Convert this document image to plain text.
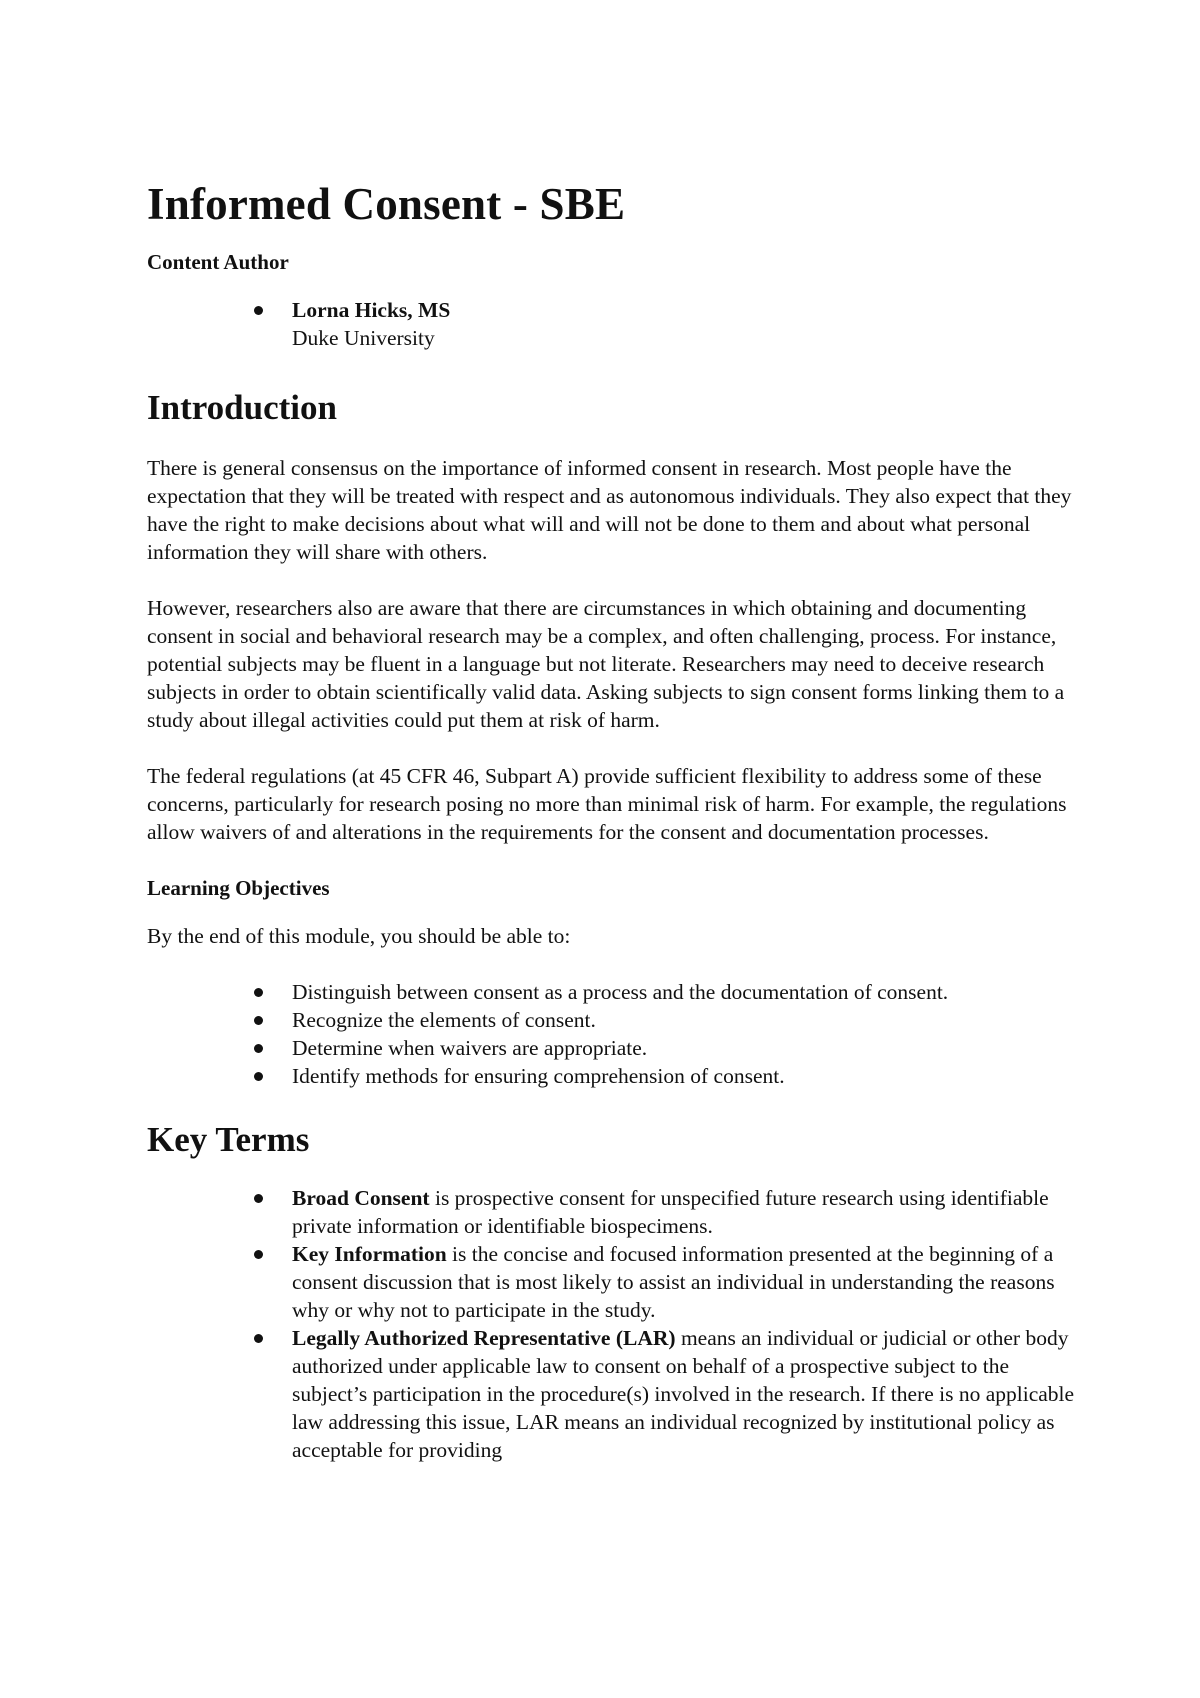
Informed Consent - SBE
Content Author
Lorna Hicks, MS
Duke University
Introduction

There is general consensus on the importance of informed consent in research. Most people have the expectation that they will be treated with respect and as autonomous individuals. They also expect that they have the right to make decisions about what will and will not be done to them and about what personal information they will share with others.

However, researchers also are aware that there are circumstances in which obtaining and documenting consent in social and behavioral research may be a complex, and often challenging, process. For instance, potential subjects may be fluent in a language but not literate. Researchers may need to deceive research subjects in order to obtain scientifically valid data. Asking subjects to sign consent forms linking them to a study about illegal activities could put them at risk of harm.

The federal regulations (at 45 CFR 46, Subpart A) provide sufficient flexibility to address some of these concerns, particularly for research posing no more than minimal risk of harm. For example, the regulations allow waivers of and alterations in the requirements for the consent and documentation processes.

Learning Objectives

By the end of this module, you should be able to:

Distinguish between consent as a process and the documentation of consent.
Recognize the elements of consent.
Determine when waivers are appropriate.
Identify methods for ensuring comprehension of consent.
Key Terms
Broad Consent is prospective consent for unspecified future research using identifiable private information or identifiable biospecimens.
Key Information is the concise and focused information presented at the beginning of a consent discussion that is most likely to assist an individual in understanding the reasons why or why not to participate in the study.
Legally Authorized Representative (LAR) means an individual or judicial or other body authorized under applicable law to consent on behalf of a prospective subject to the subject’s participation in the procedure(s) involved in the research. If there is no applicable law addressing this issue, LAR means an individual recognized by institutional policy as acceptable for providing
